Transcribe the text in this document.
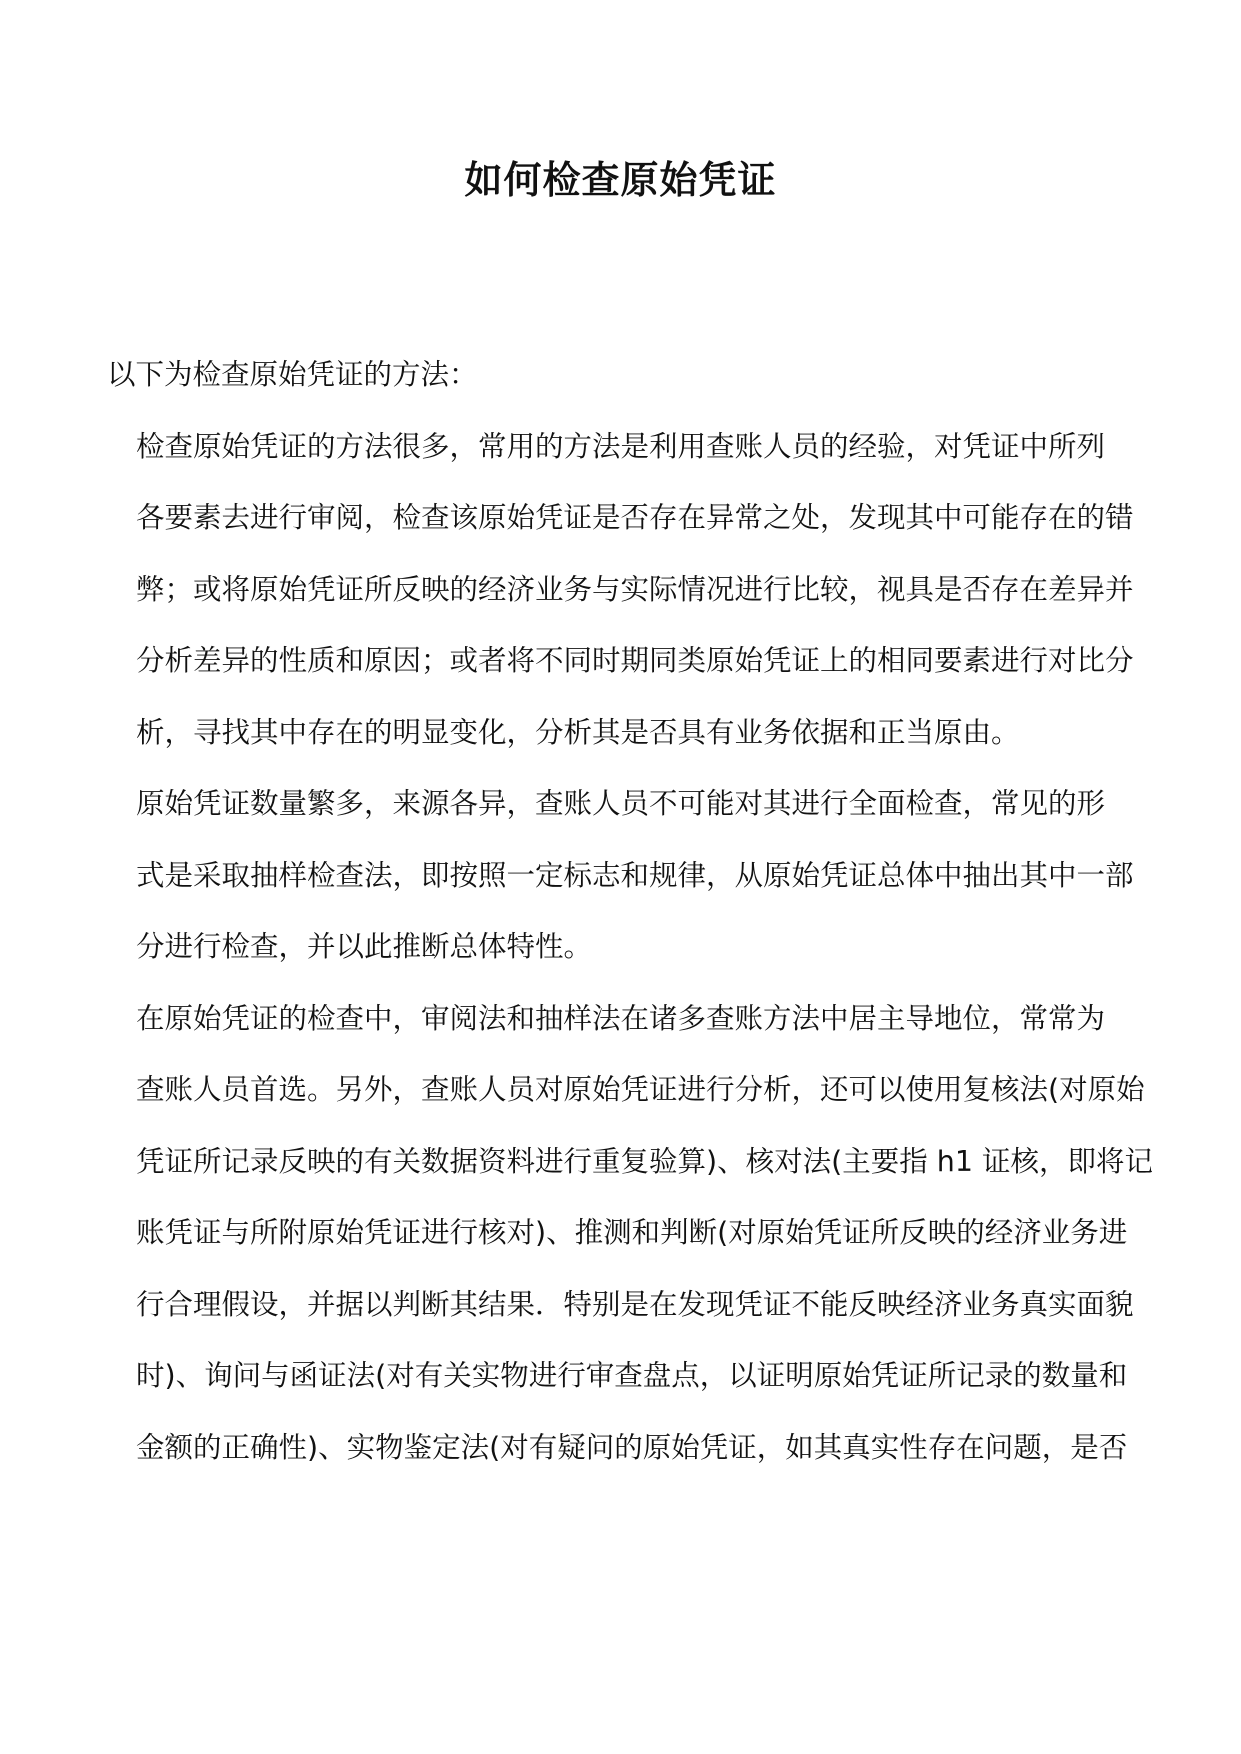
如何检查原始凭证

以下为检查原始凭证的方法：

检查原始凭证的方法很多，常用的方法是利用查账人员的经验，对凭证中所列
各要素去进行审阅，检查该原始凭证是否存在异常之处，发现其中可能存在的错
弊；或将原始凭证所反映的经济业务与实际情况进行比较，视具是否存在差异并
分析差异的性质和原因；或者将不同时期同类原始凭证上的相同要素进行对比分
析，寻找其中存在的明显变化，分析其是否具有业务依据和正当原由。

原始凭证数量繁多，来源各异，查账人员不可能对其进行全面检查，常见的形
式是采取抽样检查法，即按照一定标志和规律，从原始凭证总体中抽出其中一部
分进行检查，并以此推断总体特性。

在原始凭证的检查中，审阅法和抽样法在诸多查账方法中居主导地位，常常为
查账人员首选。另外，查账人员对原始凭证进行分析，还可以使用复核法(对原始
凭证所记录反映的有关数据资料进行重复验算)、核对法(主要指 h1 证核，即将记
账凭证与所附原始凭证进行核对)、推测和判断(对原始凭证所反映的经济业务进
行合理假设，并据以判断其结果．特别是在发现凭证不能反映经济业务真实面貌
时)、询问与函证法(对有关实物进行审查盘点，以证明原始凭证所记录的数量和
金额的正确性)、实物鉴定法(对有疑问的原始凭证，如其真实性存在问题，是否
